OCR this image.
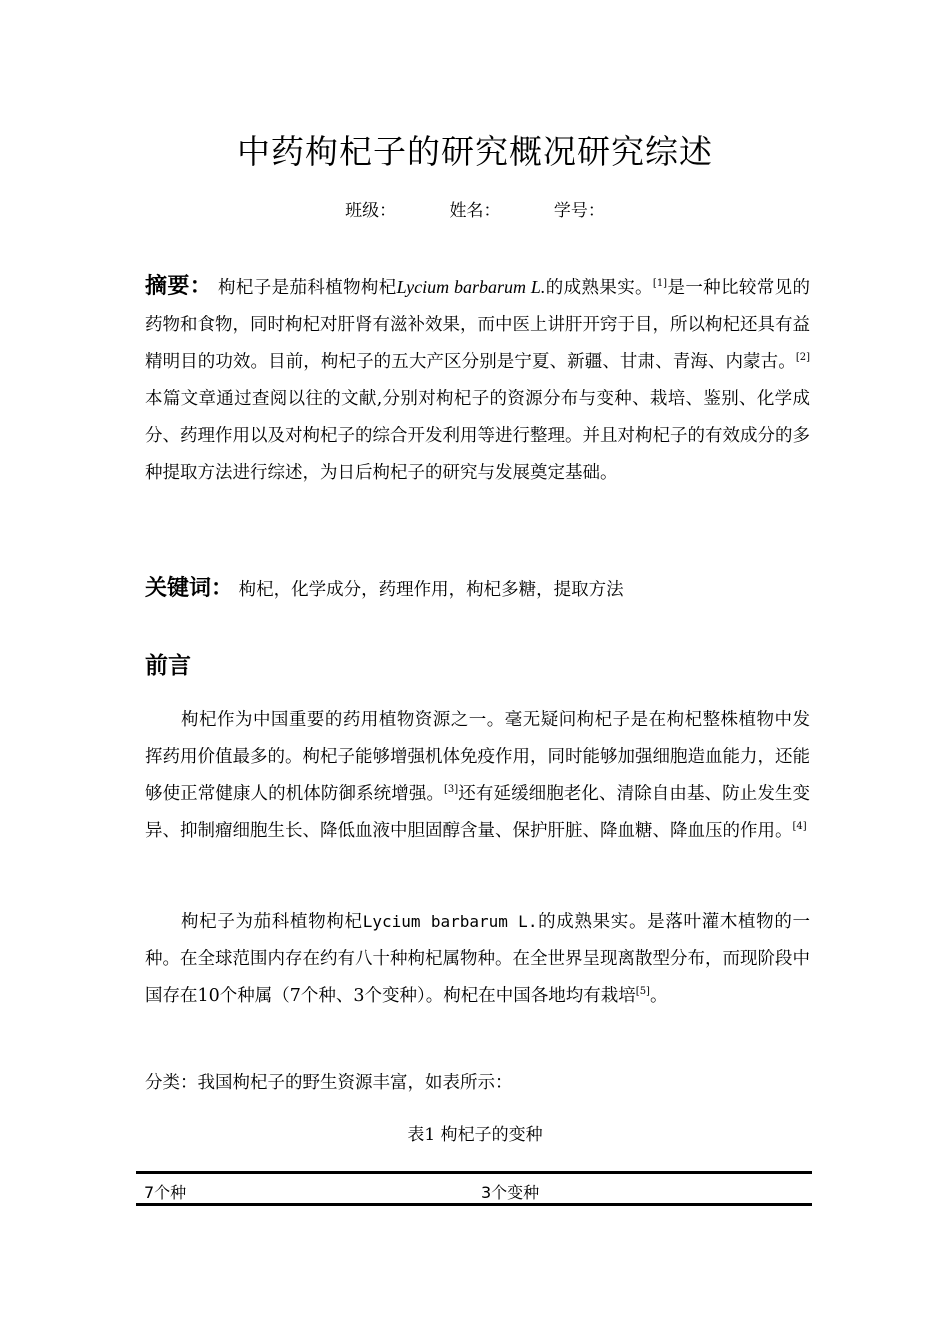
中药枸杞子的研究概况研究综述
班级：	姓名：	学号：
摘要： 枸杞子是茄科植物枸杞Lycium barbarum L.的成熟果实。[1]是一种比较常见的药物和食物，同时枸杞对肝肾有滋补效果，而中医上讲肝开窍于目，所以枸杞还具有益精明目的功效。目前，枸杞子的五大产区分别是宁夏、新疆、甘肃、青海、内蒙古。[2]本篇文章通过查阅以往的文献,分别对枸杞子的资源分布与变种、栽培、鉴别、化学成分、药理作用以及对枸杞子的综合开发利用等进行整理。并且对枸杞子的有效成分的多种提取方法进行综述，为日后枸杞子的研究与发展奠定基础。
关键词： 枸杞，化学成分，药理作用，枸杞多糖，提取方法
前言
枸杞作为中国重要的药用植物资源之一。毫无疑问枸杞子是在枸杞整株植物中发挥药用价值最多的。枸杞子能够增强机体免疫作用，同时能够加强细胞造血能力，还能够使正常健康人的机体防御系统增强。[3]还有延缓细胞老化、清除自由基、防止发生变异、抑制瘤细胞生长、降低血液中胆固醇含量、保护肝脏、降血糖、降血压的作用。[4]
枸杞子为茄科植物枸杞Lycium barbarum L.的成熟果实。是落叶灌木植物的一种。在全球范围内存在约有八十种枸杞属物种。在全世界呈现离散型分布，而现阶段中国存在10个种属（7个种、3个变种）。枸杞在中国各地均有栽培[5]。
分类：我国枸杞子的野生资源丰富，如表所示：
表1 枸杞子的变种
7个种	3个变种
